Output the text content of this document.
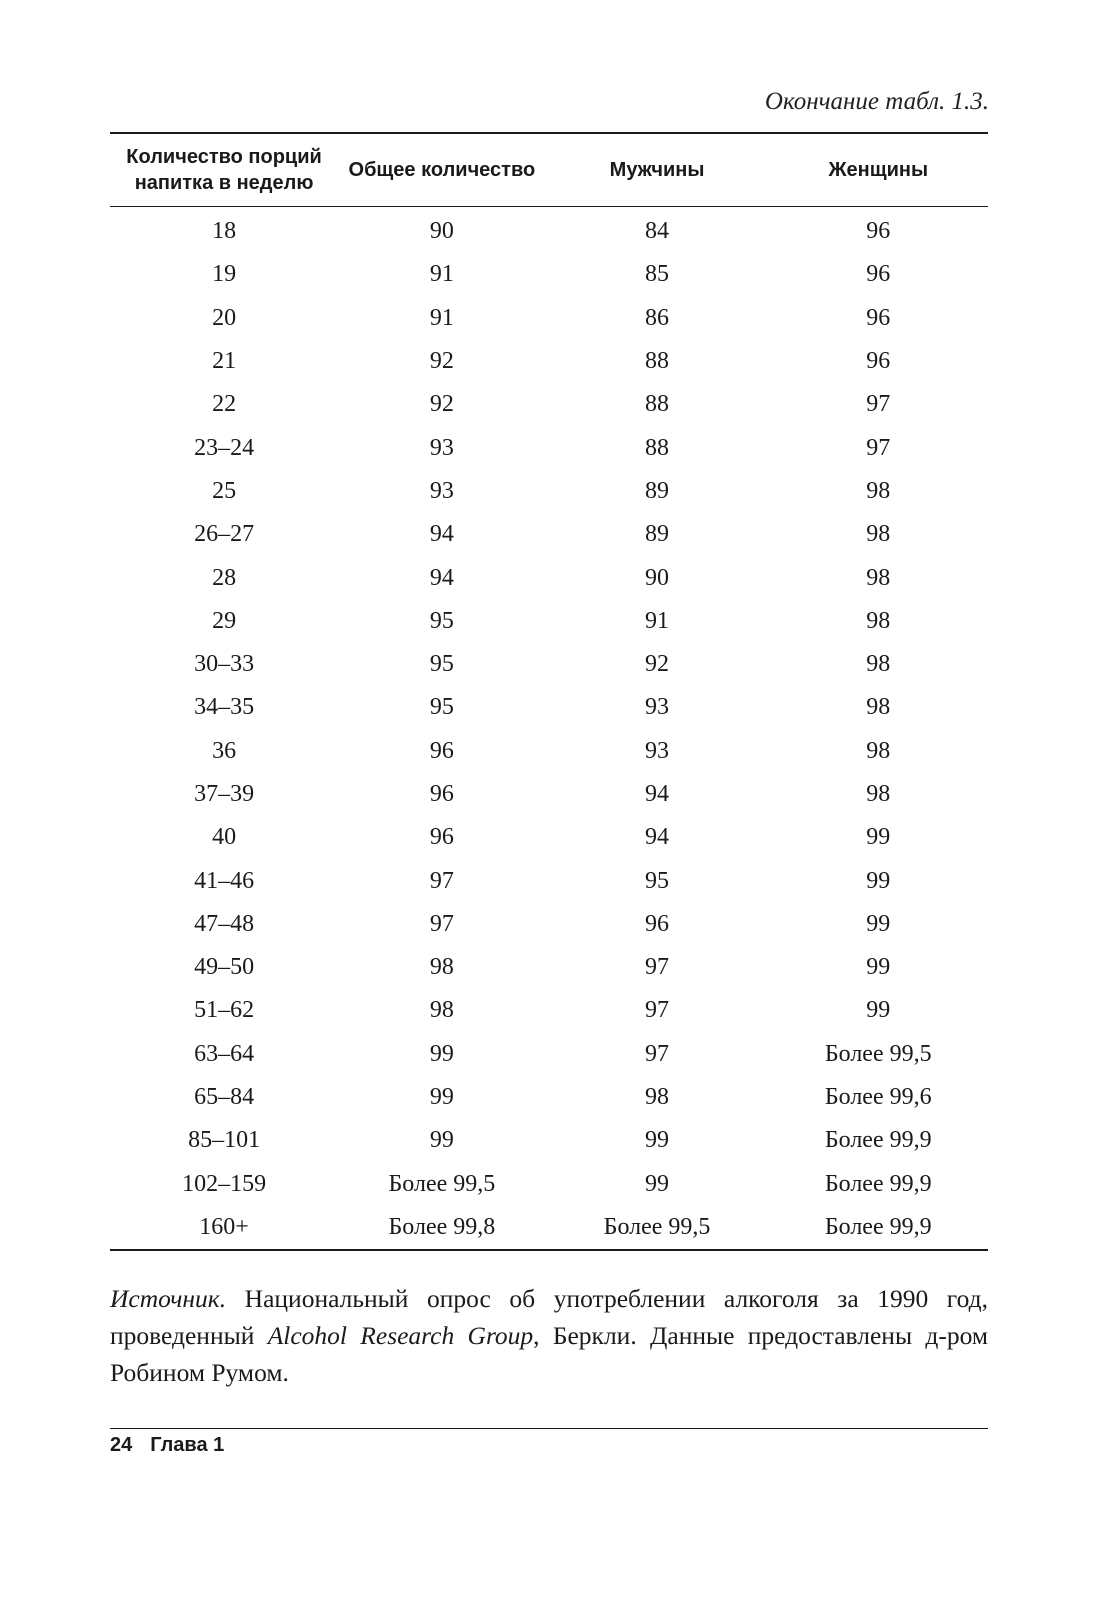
Окончание табл. 1.3.
Количество порций напитка в неделю	Общее количество	Мужчины	Женщины
18	90	84	96
19	91	85	96
20	91	86	96
21	92	88	96
22	92	88	97
23–24	93	88	97
25	93	89	98
26–27	94	89	98
28	94	90	98
29	95	91	98
30–33	95	92	98
34–35	95	93	98
36	96	93	98
37–39	96	94	98
40	96	94	99
41–46	97	95	99
47–48	97	96	99
49–50	98	97	99
51–62	98	97	99
63–64	99	97	Более 99,5
65–84	99	98	Более 99,6
85–101	99	99	Более 99,9
102–159	Более 99,5	99	Более 99,9
160+	Более 99,8	Более 99,5	Более 99,9
Источник. Национальный опрос об употреблении алкоголя за 1990 год, проведенный Alcohol Research Group, Беркли. Данные предоставлены д-ром Робином Румом.
24 Глава 1
